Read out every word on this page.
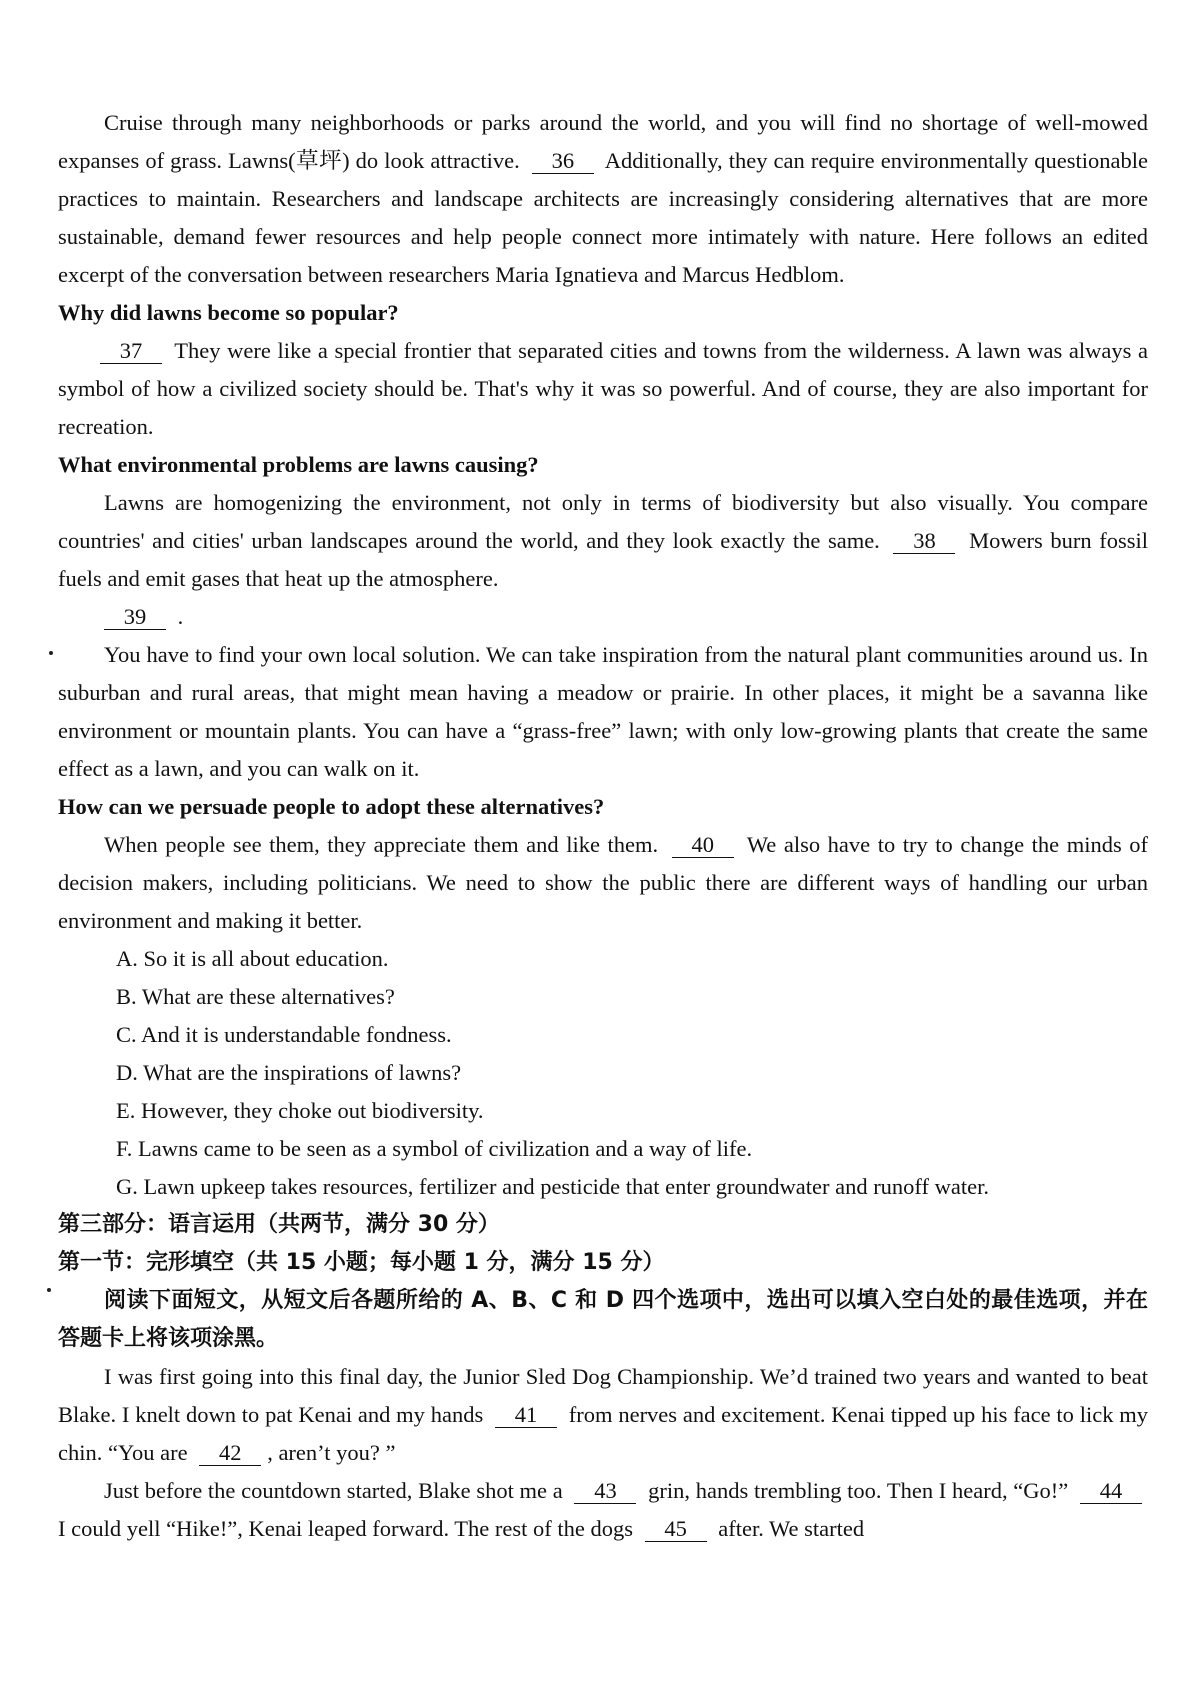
Cruise through many neighborhoods or parks around the world, and you will find no shortage of well-mowed expanses of grass. Lawns(草坪) do look attractive. 36 Additionally, they can require environmentally questionable practices to maintain. Researchers and landscape architects are increasingly considering alternatives that are more sustainable, demand fewer resources and help people connect more intimately with nature. Here follows an edited excerpt of the conversation between researchers Maria Ignatieva and Marcus Hedblom.

Why did lawns become so popular?

37 They were like a special frontier that separated cities and towns from the wilderness. A lawn was always a symbol of how a civilized society should be. That's why it was so powerful. And of course, they are also important for recreation.

What environmental problems are lawns causing?

Lawns are homogenizing the environment, not only in terms of biodiversity but also visually. You compare countries' and cities' urban landscapes around the world, and they look exactly the same. 38 Mowers burn fossil fuels and emit gases that heat up the atmosphere.

39 .

You have to find your own local solution. We can take inspiration from the natural plant communities around us. In suburban and rural areas, that might mean having a meadow or prairie. In other places, it might be a savanna like environment or mountain plants. You can have a “grass-free” lawn; with only low-growing plants that create the same effect as a lawn, and you can walk on it.

How can we persuade people to adopt these alternatives?

When people see them, they appreciate them and like them. 40 We also have to try to change the minds of decision makers, including politicians. We need to show the public there are different ways of handling our urban environment and making it better.

A. So it is all about education.

B. What are these alternatives?

C. And it is understandable fondness.

D. What are the inspirations of lawns?

E. However, they choke out biodiversity.

F. Lawns came to be seen as a symbol of civilization and a way of life.

G. Lawn upkeep takes resources, fertilizer and pesticide that enter groundwater and runoff water.

第三部分：语言运用（共两节，满分 30 分）

第一节：完形填空（共 15 小题；每小题 1 分，满分 15 分）

阅读下面短文，从短文后各题所给的 A、B、C 和 D 四个选项中，选出可以填入空白处的最佳选项，并在答题卡上将该项涂黑。

I was first going into this final day, the Junior Sled Dog Championship. We’d trained two years and wanted to beat Blake. I knelt down to pat Kenai and my hands 41 from nerves and excitement. Kenai tipped up his face to lick my chin. “You are 42 , aren’t you? ”

Just before the countdown started, Blake shot me a 43 grin, hands trembling too. Then I heard, “Go!” 44 I could yell “Hike!”, Kenai leaped forward. The rest of the dogs 45 after. We started
